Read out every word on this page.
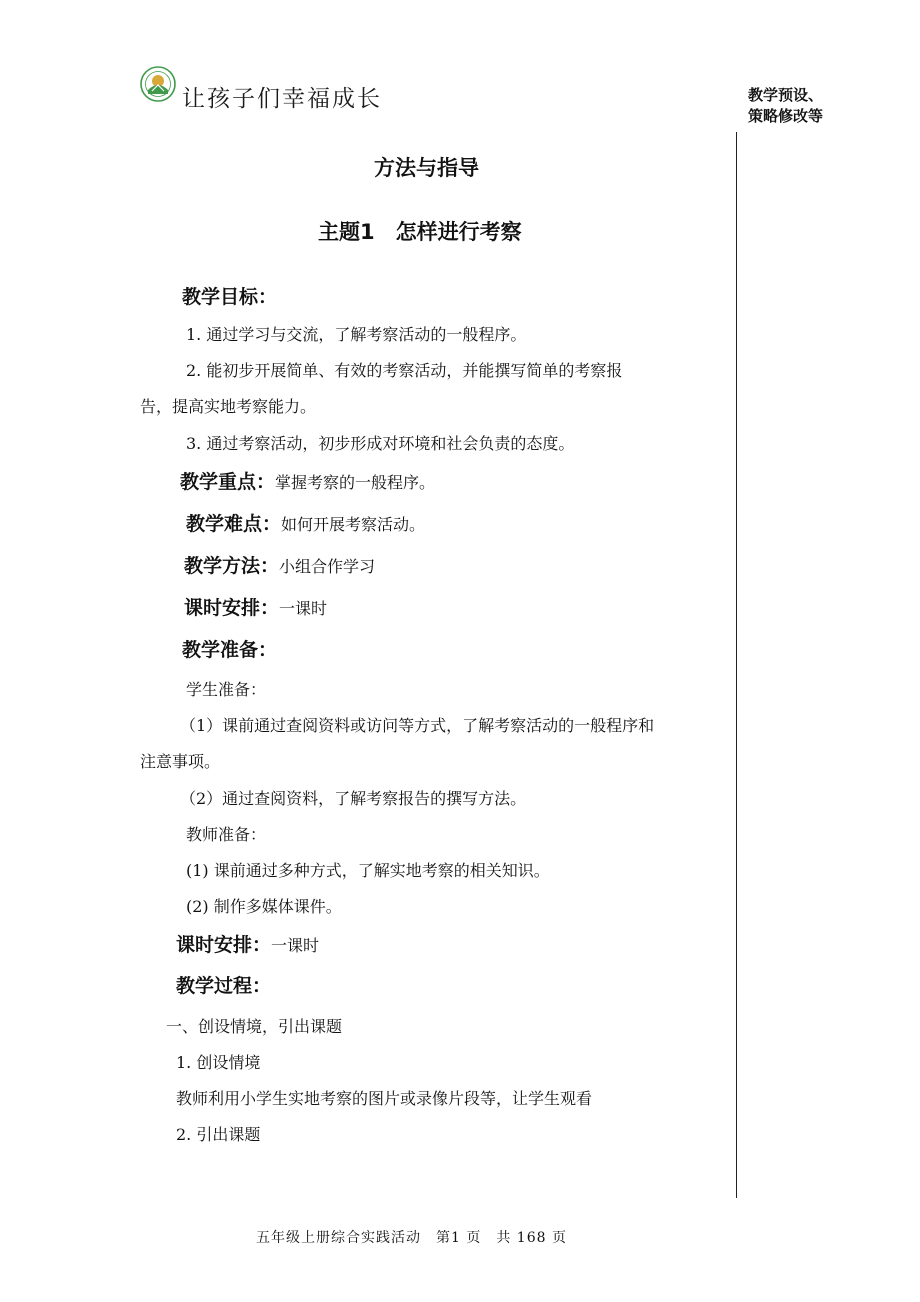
让孩子们幸福成长	教学预设、
策略修改等
方法与指导
主题1　怎样进行考察
教学目标：
1. 通过学习与交流，了解考察活动的一般程序。
2. 能初步开展简单、有效的考察活动，并能撰写简单的考察报
告，提高实地考察能力。
3. 通过考察活动，初步形成对环境和社会负责的态度。
教学重点：掌握考察的一般程序。
教学难点：如何开展考察活动。
教学方法：小组合作学习
课时安排：一课时
教学准备：
学生准备：
（1）课前通过查阅资料或访问等方式，了解考察活动的一般程序和
注意事项。
（2）通过查阅资料，了解考察报告的撰写方法。
教师准备：
(1) 课前通过多种方式，了解实地考察的相关知识。
(2) 制作多媒体课件。
课时安排：一课时
教学过程：
一、创设情境，引出课题
1. 创设情境
教师利用小学生实地考察的图片或录像片段等，让学生观看
2. 引出课题
五年级上册综合实践活动　第1 页　共 168 页
